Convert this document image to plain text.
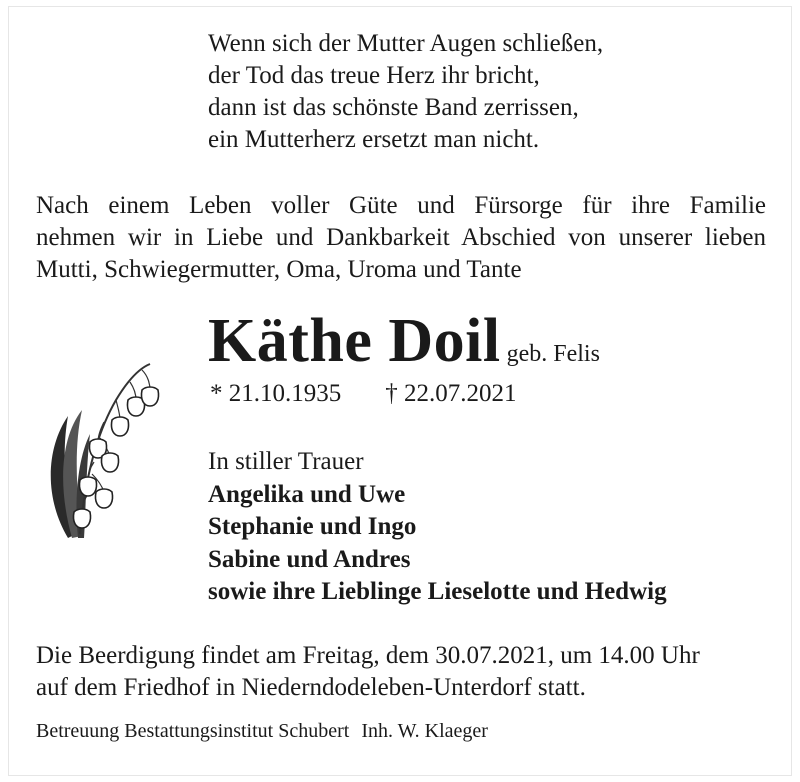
Wenn sich der Mutter Augen schließen,
der Tod das treue Herz ihr bricht,
dann ist das schönste Band zerrissen,
ein Mutterherz ersetzt man nicht.
Nach einem Leben voller Güte und Fürsorge für ihre Familie
nehmen wir in Liebe und Dankbarkeit Abschied von unserer lieben
Mutti, Schwiegermutter, Oma, Uroma und Tante
Käthe Doil geb. Felis
* 21.10.1935 † 22.07.2021
In stiller Trauer
Angelika und Uwe
Stephanie und Ingo
Sabine und Andres
sowie ihre Lieblinge Lieselotte und Hedwig
Die Beerdigung findet am Freitag, dem 30.07.2021, um 14.00 Uhr
auf dem Friedhof in Niederndodeleben-Unterdorf statt.
Betreuung Bestattungsinstitut Schubert Inh. W. Klaeger
